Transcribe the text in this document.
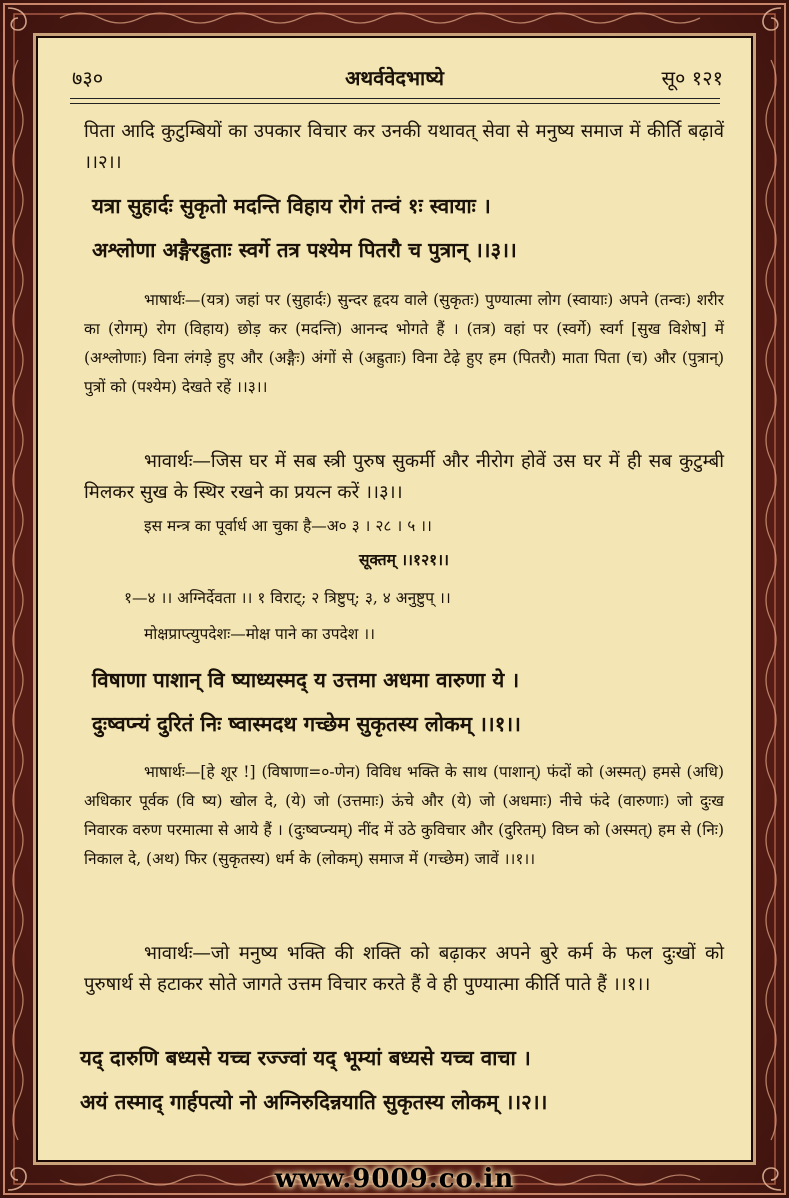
७३०	अथर्ववेदभाष्ये	सू० १२१

पिता आदि कुटुम्बियों का उपकार विचार कर उनकी यथावत् सेवा से मनुष्य समाज में कीर्ति बढ़ावें ।।२।।

यत्रा सुहार्दः सुकृतो मदन्ति विहाय रोगं तन्वं १ः स्वायाः ।

अश्लोणा अङ्गैरह्रुताः स्वर्गे तत्र पश्येम पितरौ च पुत्रान् ।।३।।

भाषार्थः—(यत्र) जहां पर (सुहार्दः) सुन्दर हृदय वाले (सुकृतः) पुण्यात्मा लोग (स्वायाः) अपने (तन्वः) शरीर का (रोगम्) रोग (विहाय) छोड़ कर (मदन्ति) आनन्द भोगते हैं । (तत्र) वहां पर (स्वर्गे) स्वर्ग [सुख विशेष] में (अश्लोणाः) विना लंगड़े हुए और (अङ्गैः) अंगों से (अह्रुताः) विना टेढ़े हुए हम (पितरौ) माता पिता (च) और (पुत्रान्) पुत्रों को (पश्येम) देखते रहें ।।३।।

भावार्थः—जिस घर में सब स्त्री पुरुष सुकर्मी और नीरोग होवें उस घर में ही सब कुटुम्बी मिलकर सुख के स्थिर रखने का प्रयत्न करें ।।३।।

इस मन्त्र का पूर्वार्ध आ चुका है—अ० ३ । २८ । ५ ।।

सूक्तम् ।।१२१।।

१—४ ।। अग्निर्देवता ।। १ विराट्; २ त्रिष्टुप्; ३, ४ अनुष्टुप् ।।

मोक्षप्राप्त्युपदेशः—मोक्ष पाने का उपदेश ।।

विषाणा पाशान् वि ष्याध्यस्मद् य उत्तमा अधमा वारुणा ये ।

दुःष्वप्न्यं दुरितं निः ष्वास्मदथ गच्छेम सुकृतस्य लोकम् ।।१।।

भाषार्थः—[हे शूर !] (विषाणा=०-णेन) विविध भक्ति के साथ (पाशान्) फंदों को (अस्मत्) हमसे (अधि) अधिकार पूर्वक (वि ष्य) खोल दे, (ये) जो (उत्तमाः) ऊंचे और (ये) जो (अधमाः) नीचे फंदे (वारुणाः) जो दुःख निवारक वरुण परमात्मा से आये हैं । (दुःष्वप्न्यम्) नींद में उठे कुविचार और (दुरितम्) विघ्न को (अस्मत्) हम से (निः) निकाल दे, (अथ) फिर (सुकृतस्य) धर्म के (लोकम्) समाज में (गच्छेम) जावें ।।१।।

भावार्थः—जो मनुष्य भक्ति की शक्ति को बढ़ाकर अपने बुरे कर्म के फल दुःखों को पुरुषार्थ से हटाकर सोते जागते उत्तम विचार करते हैं वे ही पुण्यात्मा कीर्ति पाते हैं ।।१।।

यद् दारुणि बध्यसे यच्च रज्ज्वां यद् भूम्यां बध्यसे यच्च वाचा ।

अयं तस्माद् गार्हपत्यो नो अग्निरुदिन्नयाति सुकृतस्य लोकम् ।।२।।

www.9009.co.in
